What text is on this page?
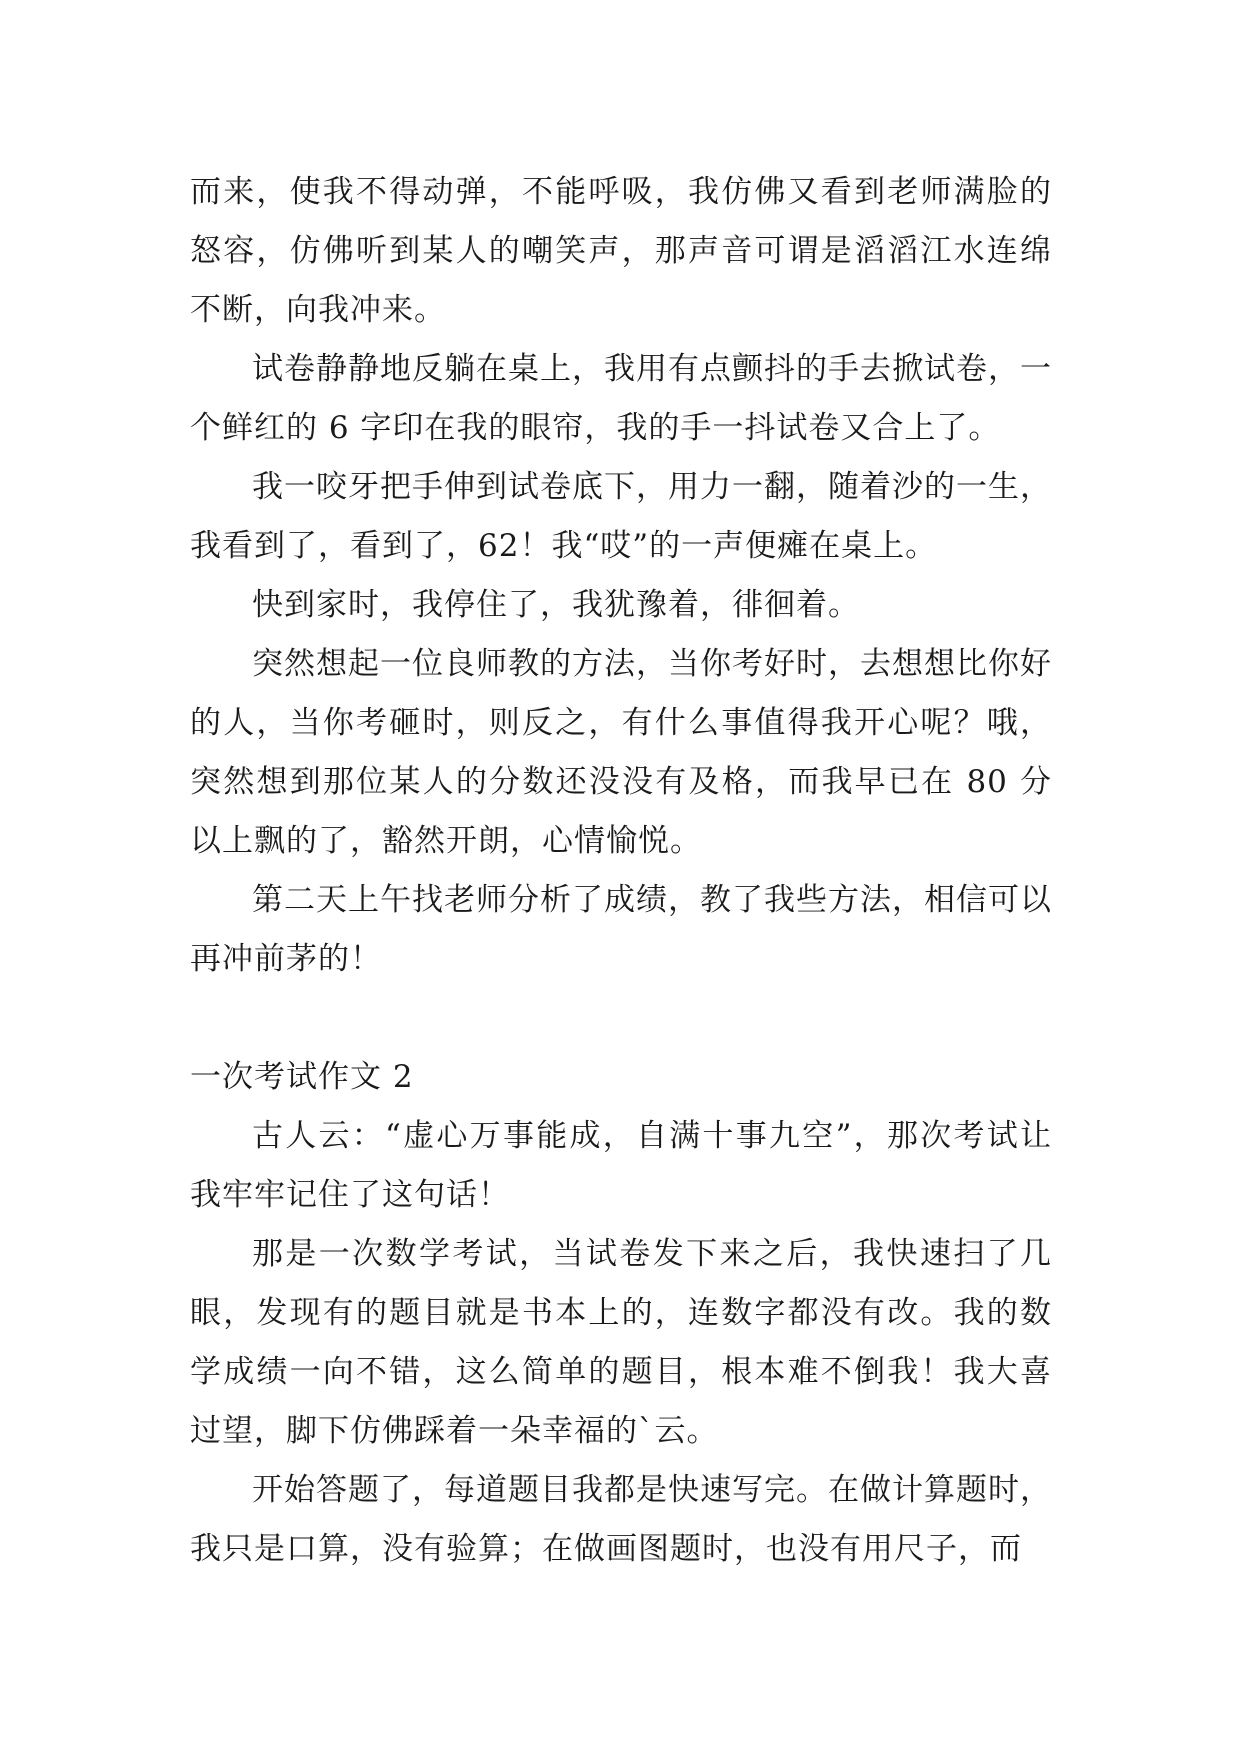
而来，使我不得动弹，不能呼吸，我仿佛又看到老师满脸的怒容，仿佛听到某人的嘲笑声，那声音可谓是滔滔江水连绵不断，向我冲来。

试卷静静地反躺在桌上，我用有点颤抖的手去掀试卷，一个鲜红的 6 字印在我的眼帘，我的手一抖试卷又合上了。

我一咬牙把手伸到试卷底下，用力一翻，随着沙的一生，我看到了，看到了，62！我“哎”的一声便瘫在桌上。

快到家时，我停住了，我犹豫着，徘徊着。

突然想起一位良师教的方法，当你考好时，去想想比你好的人，当你考砸时，则反之，有什么事值得我开心呢？哦，突然想到那位某人的分数还没没有及格，而我早已在 80 分以上飘的了，豁然开朗，心情愉悦。

第二天上午找老师分析了成绩，教了我些方法，相信可以再冲前茅的！

一次考试作文 2

古人云：“虚心万事能成，自满十事九空”，那次考试让我牢牢记住了这句话！

那是一次数学考试，当试卷发下来之后，我快速扫了几眼，发现有的题目就是书本上的，连数字都没有改。我的数学成绩一向不错，这么简单的题目，根本难不倒我！我大喜过望，脚下仿佛踩着一朵幸福的`云。

开始答题了，每道题目我都是快速写完。在做计算题时，我只是口算，没有验算；在做画图题时，也没有用尺子，而
